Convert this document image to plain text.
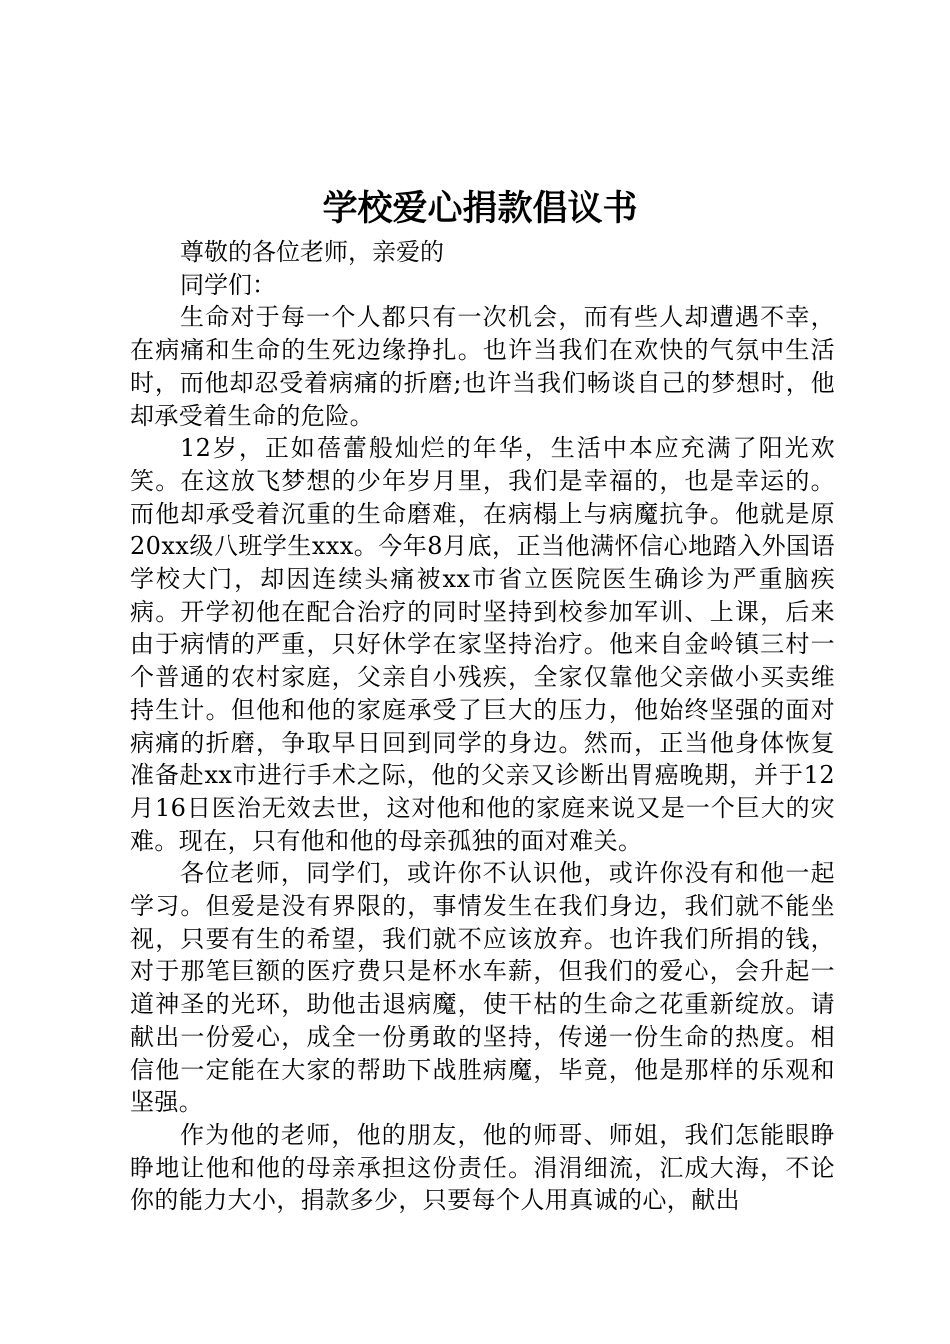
学校爱心捐款倡议书

尊敬的各位老师，亲爱的

同学们：

生命对于每一个人都只有一次机会，而有些人却遭遇不幸，在病痛和生命的生死边缘挣扎。也许当我们在欢快的气氛中生活时，而他却忍受着病痛的折磨;也许当我们畅谈自己的梦想时，他却承受着生命的危险。

12岁，正如蓓蕾般灿烂的年华，生活中本应充满了阳光欢笑。在这放飞梦想的少年岁月里，我们是幸福的，也是幸运的。而他却承受着沉重的生命磨难，在病榻上与病魔抗争。他就是原20xx级八班学生xxx。今年8月底，正当他满怀信心地踏入外国语学校大门，却因连续头痛被xx市省立医院医生确诊为严重脑疾病。开学初他在配合治疗的同时坚持到校参加军训、上课，后来由于病情的严重，只好休学在家坚持治疗。他来自金岭镇三村一个普通的农村家庭，父亲自小残疾，全家仅靠他父亲做小买卖维持生计。但他和他的家庭承受了巨大的压力，他始终坚强的面对病痛的折磨，争取早日回到同学的身边。然而，正当他身体恢复准备赴xx市进行手术之际，他的父亲又诊断出胃癌晚期，并于12月16日医治无效去世，这对他和他的家庭来说又是一个巨大的灾难。现在，只有他和他的母亲孤独的面对难关。

各位老师，同学们，或许你不认识他，或许你没有和他一起学习。但爱是没有界限的，事情发生在我们身边，我们就不能坐视，只要有生的希望，我们就不应该放弃。也许我们所捐的钱，对于那笔巨额的医疗费只是杯水车薪，但我们的爱心，会升起一道神圣的光环，助他击退病魔，使干枯的生命之花重新绽放。请献出一份爱心，成全一份勇敢的坚持，传递一份生命的热度。相信他一定能在大家的帮助下战胜病魔，毕竟，他是那样的乐观和坚强。

作为他的老师，他的朋友，他的师哥、师姐，我们怎能眼睁睁地让他和他的母亲承担这份责任。涓涓细流，汇成大海，不论你的能力大小，捐款多少，只要每个人用真诚的心，献出
